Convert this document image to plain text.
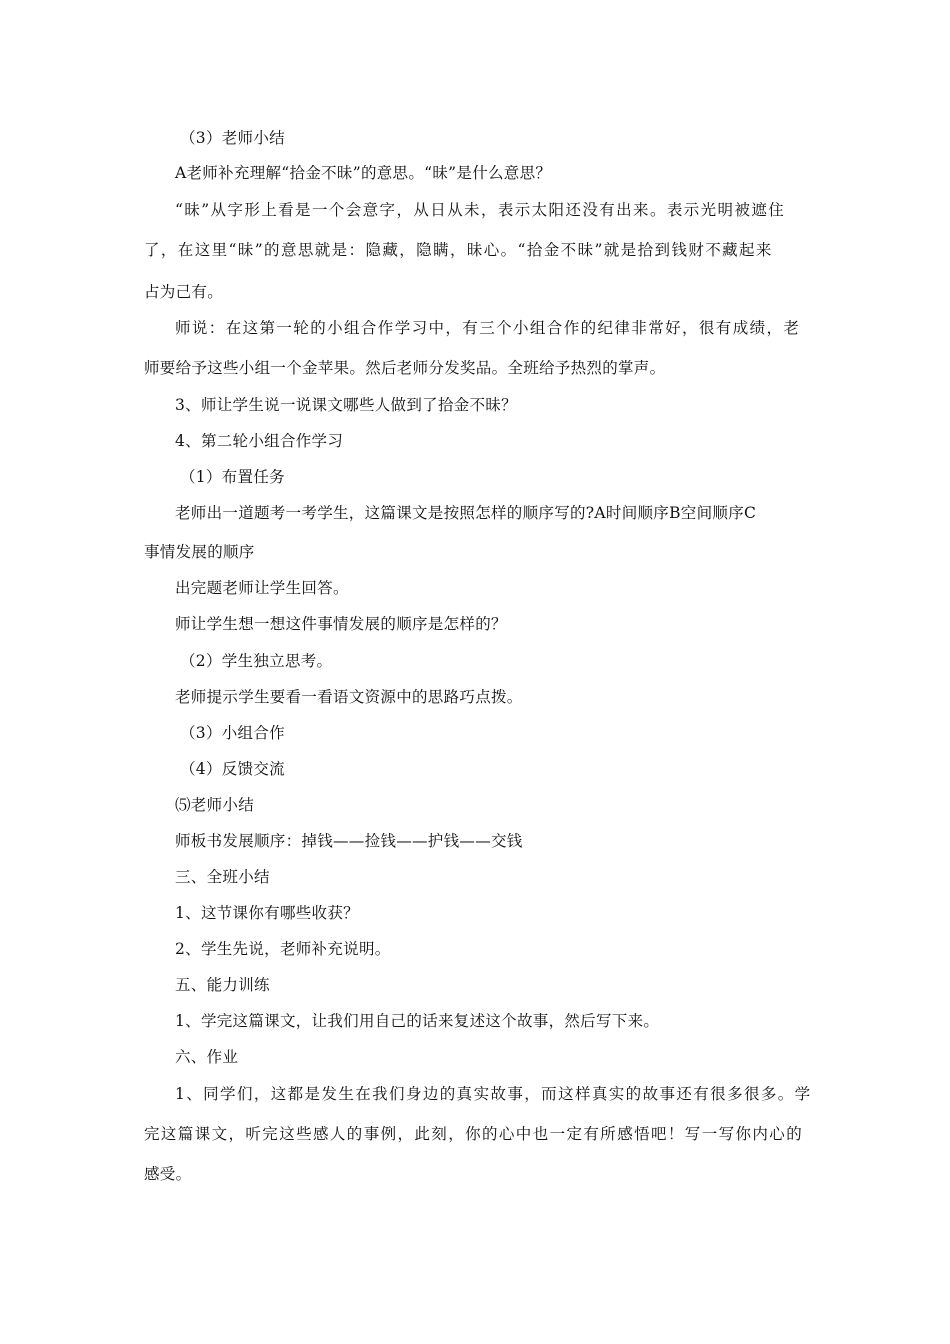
（3）老师小结
A老师补充理解“拾金不昧”的意思。“昧”是什么意思？
“昧”从字形上看是一个会意字，从日从未，表示太阳还没有出来。表示光明被遮住
了，在这里“昧”的意思就是：隐藏，隐瞒，昧心。“拾金不昧”就是拾到钱财不藏起来
占为己有。
师说：在这第一轮的小组合作学习中，有三个小组合作的纪律非常好，很有成绩，老
师要给予这些小组一个金苹果。然后老师分发奖品。全班给予热烈的掌声。
3、师让学生说一说课文哪些人做到了拾金不昧？
4、第二轮小组合作学习
（1）布置任务
老师出一道题考一考学生，这篇课文是按照怎样的顺序写的?A时间顺序B空间顺序C
事情发展的顺序
出完题老师让学生回答。
师让学生想一想这件事情发展的顺序是怎样的？
（2）学生独立思考。
老师提示学生要看一看语文资源中的思路巧点拨。
（3）小组合作
（4）反馈交流
⑸老师小结
师板书发展顺序：掉钱——捡钱——护钱——交钱
三、全班小结
1、这节课你有哪些收获？
2、学生先说，老师补充说明。
五、能力训练
1、学完这篇课文，让我们用自己的话来复述这个故事，然后写下来。
六、作业
1、同学们，这都是发生在我们身边的真实故事，而这样真实的故事还有很多很多。学
完这篇课文，听完这些感人的事例，此刻，你的心中也一定有所感悟吧！写一写你内心的
感受。
